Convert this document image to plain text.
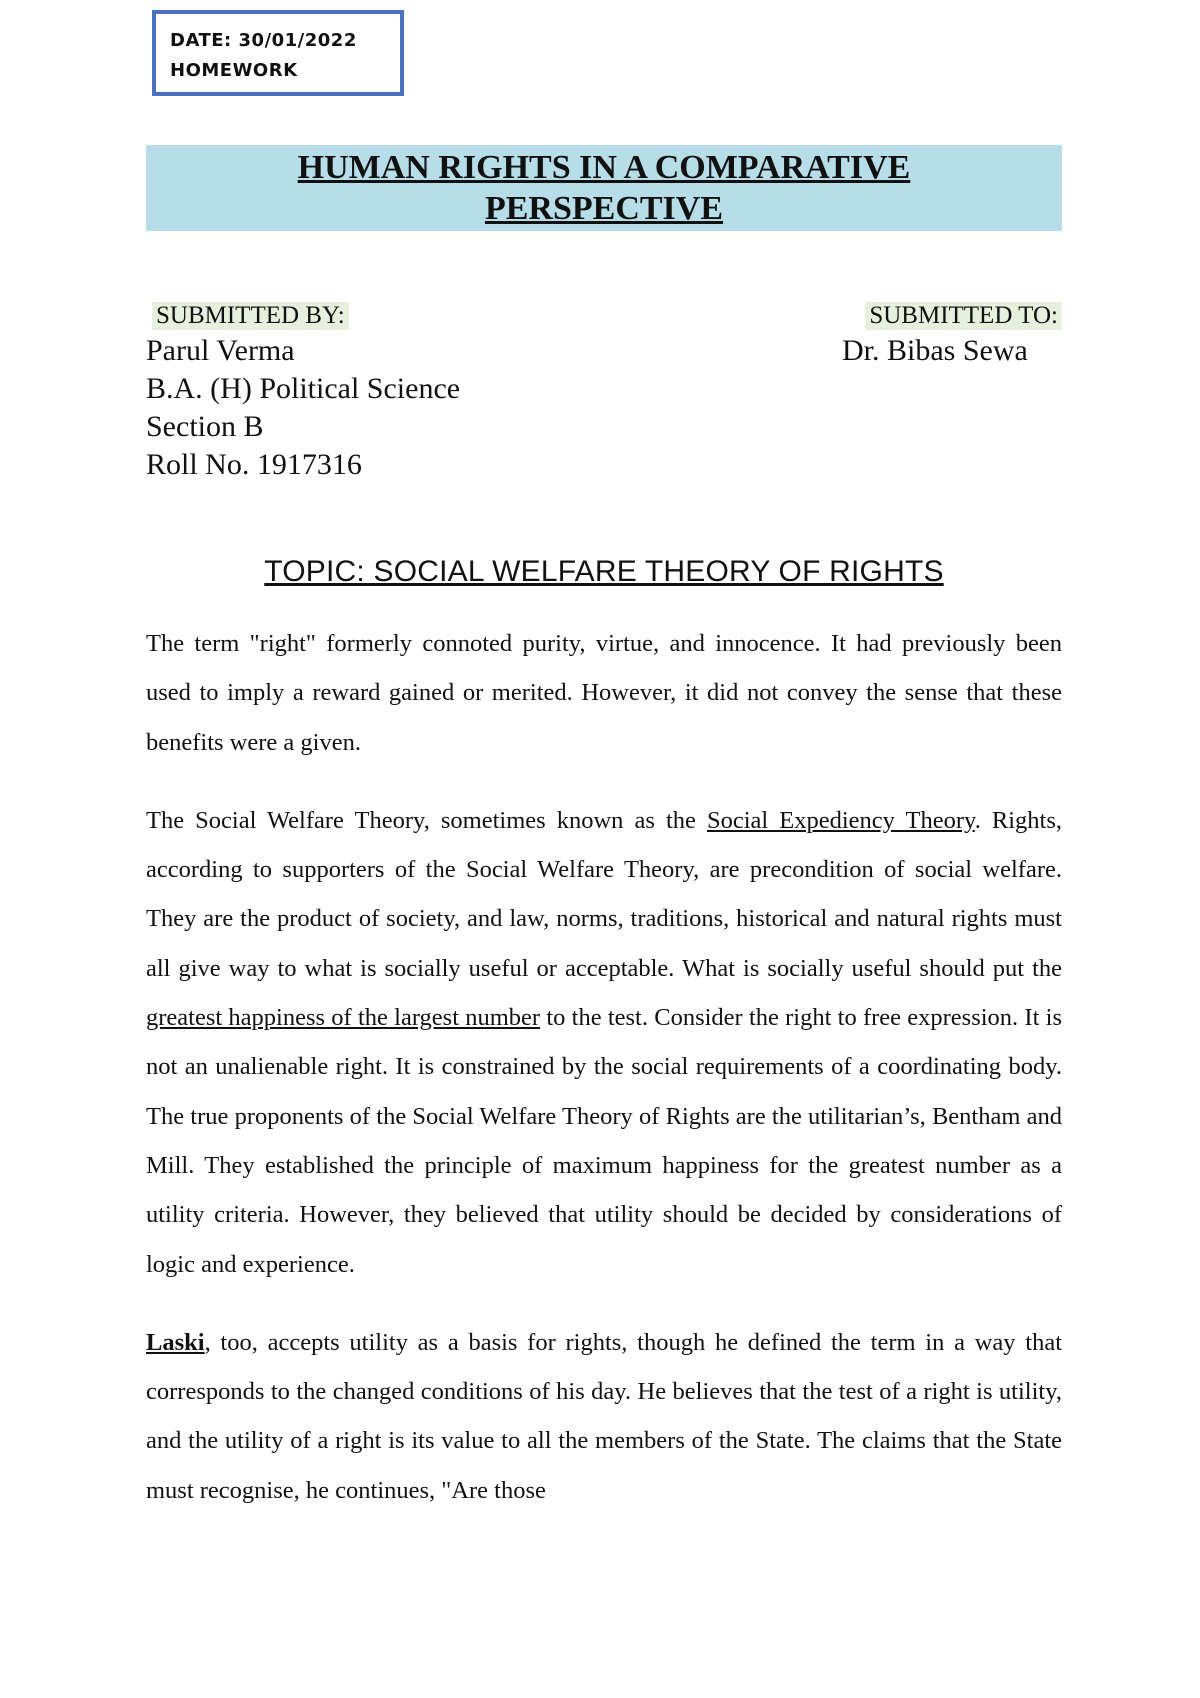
DATE: 30/01/2022
HOMEWORK
HUMAN RIGHTS IN A COMPARATIVE
PERSPECTIVE
SUBMITTED BY:	SUBMITTED TO:
Parul Verma
B.A. (H) Political Science
Section B
Roll No. 1917316
Dr. Bibas Sewa
TOPIC: SOCIAL WELFARE THEORY OF RIGHTS

The term "right" formerly connoted purity, virtue, and innocence. It had previously been used to imply a reward gained or merited. However, it did not convey the sense that these benefits were a given.

The Social Welfare Theory, sometimes known as the Social Expediency Theory. Rights, according to supporters of the Social Welfare Theory, are precondition of social welfare. They are the product of society, and law, norms, traditions, historical and natural rights must all give way to what is socially useful or acceptable. What is socially useful should put the greatest happiness of the largest number to the test. Consider the right to free expression. It is not an unalienable right. It is constrained by the social requirements of a coordinating body. The true proponents of the Social Welfare Theory of Rights are the utilitarian’s, Bentham and Mill. They established the principle of maximum happiness for the greatest number as a utility criteria. However, they believed that utility should be decided by considerations of logic and experience.

Laski, too, accepts utility as a basis for rights, though he defined the term in a way that corresponds to the changed conditions of his day. He believes that the test of a right is utility, and the utility of a right is its value to all the members of the State. The claims that the State must recognise, he continues, "Are those
